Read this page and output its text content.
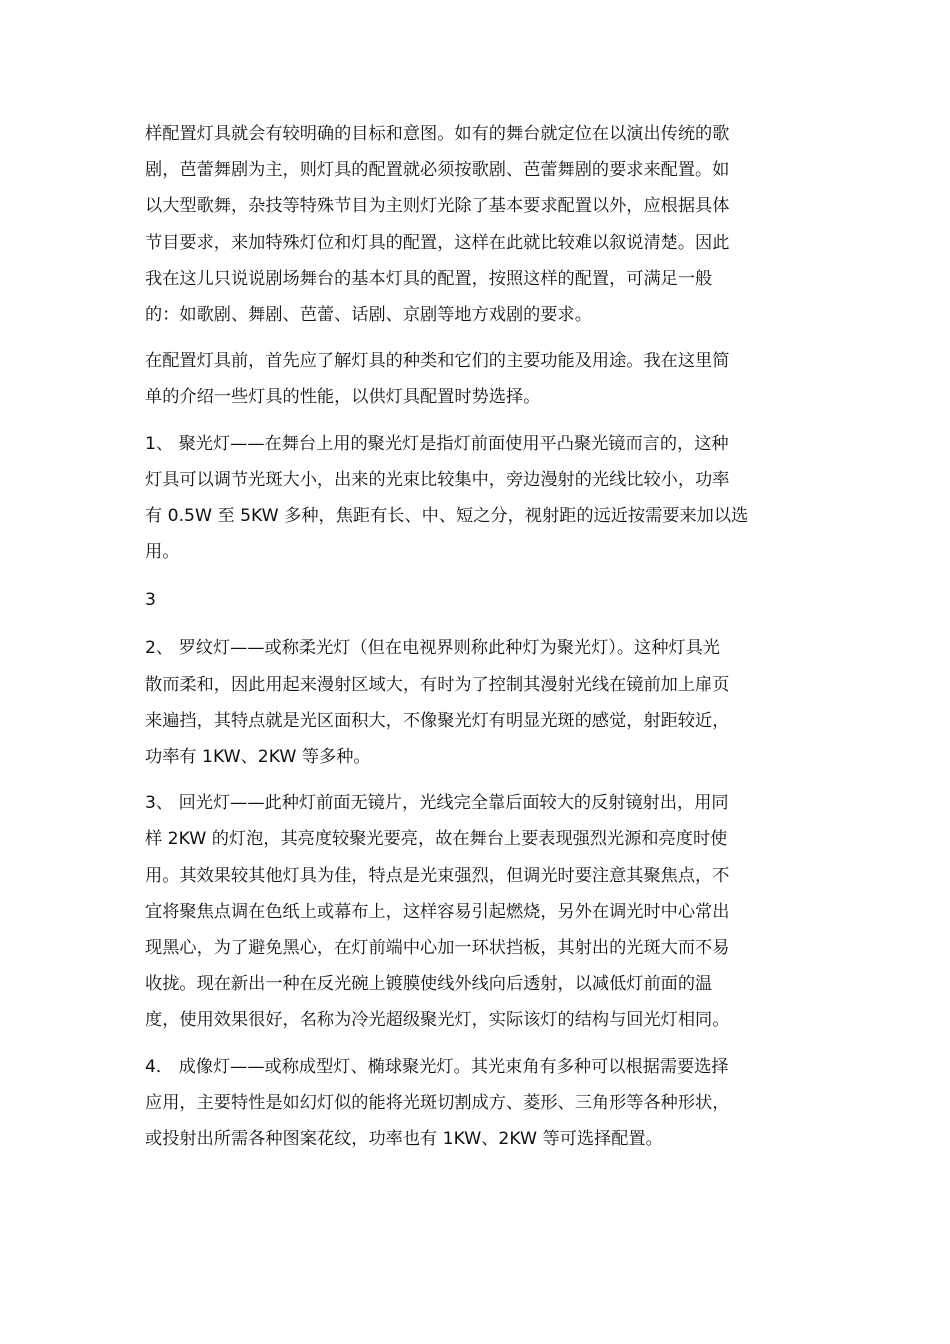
样配置灯具就会有较明确的目标和意图。如有的舞台就定位在以演出传统的歌
剧，芭蕾舞剧为主，则灯具的配置就必须按歌剧、芭蕾舞剧的要求来配置。如
以大型歌舞，杂技等特殊节目为主则灯光除了基本要求配置以外，应根据具体
节目要求，来加特殊灯位和灯具的配置，这样在此就比较难以叙说清楚。因此
我在这儿只说说剧场舞台的基本灯具的配置，按照这样的配置，可满足一般
的：如歌剧、舞剧、芭蕾、话剧、京剧等地方戏剧的要求。
在配置灯具前，首先应了解灯具的种类和它们的主要功能及用途。我在这里简
单的介绍一些灯具的性能，以供灯具配置时势选择。
1、 聚光灯——在舞台上用的聚光灯是指灯前面使用平凸聚光镜而言的，这种
灯具可以调节光斑大小，出来的光束比较集中，旁边漫射的光线比较小，功率
有 0.5W 至 5KW 多种，焦距有长、中、短之分，视射距的远近按需要来加以选
用。
3
2、 罗纹灯——或称柔光灯（但在电视界则称此种灯为聚光灯）。这种灯具光
散而柔和，因此用起来漫射区域大，有时为了控制其漫射光线在镜前加上扉页
来遍挡，其特点就是光区面积大，不像聚光灯有明显光斑的感觉，射距较近，
功率有 1KW、2KW 等多种。
3、 回光灯——此种灯前面无镜片，光线完全靠后面较大的反射镜射出，用同
样 2KW 的灯泡，其亮度较聚光要亮，故在舞台上要表现强烈光源和亮度时使
用。其效果较其他灯具为佳，特点是光束强烈，但调光时要注意其聚焦点，不
宜将聚焦点调在色纸上或幕布上，这样容易引起燃烧，另外在调光时中心常出
现黑心，为了避免黑心，在灯前端中心加一环状挡板，其射出的光斑大而不易
收拢。现在新出一种在反光碗上镀膜使线外线向后透射，以减低灯前面的温
度，使用效果很好，名称为冷光超级聚光灯，实际该灯的结构与回光灯相同。
4． 成像灯——或称成型灯、椭球聚光灯。其光束角有多种可以根据需要选择
应用，主要特性是如幻灯似的能将光斑切割成方、菱形、三角形等各种形状，
或投射出所需各种图案花纹，功率也有 1KW、2KW 等可选择配置。
